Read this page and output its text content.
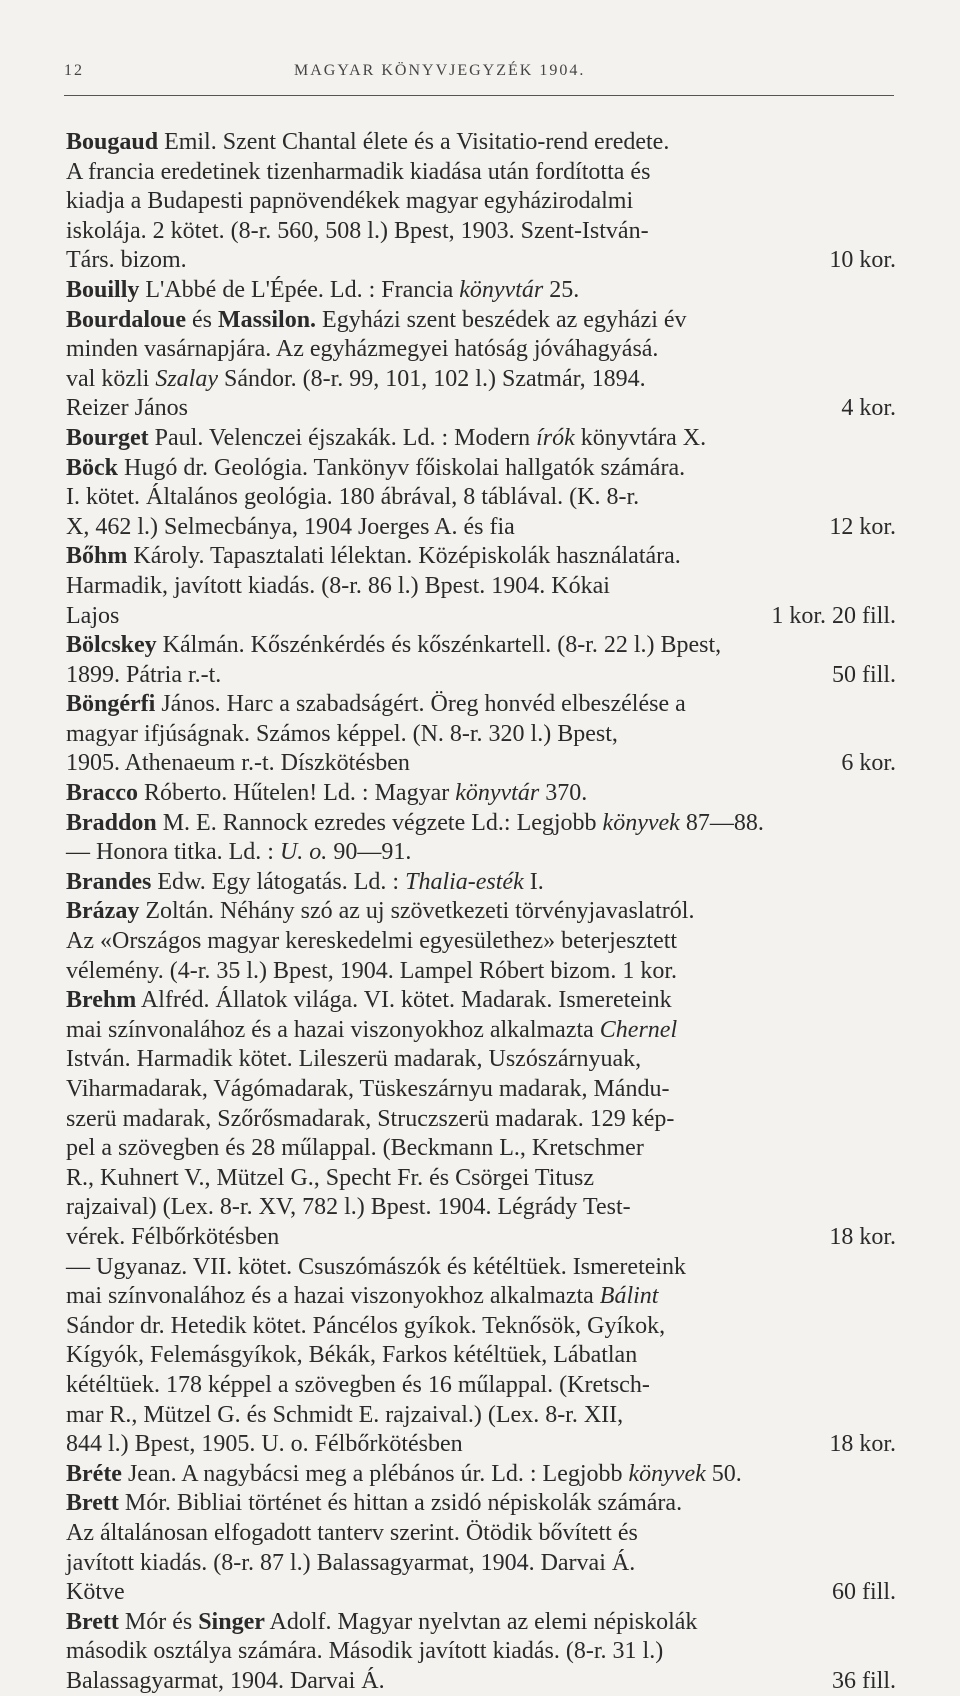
12	MAGYAR KÖNYVJEGYZÉK 1904.
Bougaud Emil. Szent Chantal élete és a Visitatio-rend eredete.
A francia eredetinek tizenharmadik kiadása után fordította és
kiadja a Budapesti papnövendékek magyar egyházirodalmi
iskolája. 2 kötet. (8-r. 560, 508 l.) Bpest, 1903. Szent-István-
Társ. bizom.	10 kor.
Bouilly L'Abbé de L'Épée. Ld. : Francia könyvtár 25.
Bourdaloue és Massilon. Egyházi szent beszédek az egyházi év
minden vasárnapjára. Az egyházmegyei hatóság jóváhagyásá.
val közli Szalay Sándor. (8-r. 99, 101, 102 l.) Szatmár, 1894.
Reizer János	4 kor.
Bourget Paul. Velenczei éjszakák. Ld. : Modern írók könyvtára X.
Böck Hugó dr. Geológia. Tankönyv főiskolai hallgatók számára.
I. kötet. Általános geológia. 180 ábrával, 8 táblával. (K. 8-r.
X, 462 l.) Selmecbánya, 1904 Joerges A. és fia	12 kor.
Bőhm Károly. Tapasztalati lélektan. Középiskolák használatára.
Harmadik, javított kiadás. (8-r. 86 l.) Bpest. 1904. Kókai
Lajos	1 kor. 20 fill.
Bölcskey Kálmán. Kőszénkérdés és kőszénkartell. (8-r. 22 l.) Bpest,
1899. Pátria r.-t.	50 fill.
Böngérfi János. Harc a szabadságért. Öreg honvéd elbeszélése a
magyar ifjúságnak. Számos képpel. (N. 8-r. 320 l.) Bpest,
1905. Athenaeum r.-t. Díszkötésben	6 kor.
Bracco Róberto. Hűtelen! Ld. : Magyar könyvtár 370.
Braddon M. E. Rannock ezredes végzete Ld.: Legjobb könyvek 87—88.
— Honora titka. Ld. : U. o. 90—91.
Brandes Edw. Egy látogatás. Ld. : Thalia-esték I.
Brázay Zoltán. Néhány szó az uj szövetkezeti törvényjavaslatról.
Az «Országos magyar kereskedelmi egyesülethez» beterjesztett
vélemény. (4-r. 35 l.) Bpest, 1904. Lampel Róbert bizom. 1 kor.
Brehm Alfréd. Állatok világa. VI. kötet. Madarak. Ismereteink
mai színvonalához és a hazai viszonyokhoz alkalmazta Chernel
István. Harmadik kötet. Lileszerü madarak, Uszószárnyuak,
Viharmadarak, Vágómadarak, Tüskeszárnyu madarak, Mándu-
szerü madarak, Szőrősmadarak, Struczszerü madarak. 129 kép-
pel a szövegben és 28 műlappal. (Beckmann L., Kretschmer
R., Kuhnert V., Mützel G., Specht Fr. és Csörgei Titusz
rajzaival) (Lex. 8-r. XV, 782 l.) Bpest. 1904. Légrády Test-
vérek. Félbőrkötésben	18 kor.
— Ugyanaz. VII. kötet. Csuszómászók és kétéltüek. Ismereteink
mai színvonalához és a hazai viszonyokhoz alkalmazta Bálint
Sándor dr. Hetedik kötet. Páncélos gyíkok. Teknősök, Gyíkok,
Kígyók, Felemásgyíkok, Békák, Farkos kétéltüek, Lábatlan
kétéltüek. 178 képpel a szövegben és 16 műlappal. (Kretsch-
mar R., Mützel G. és Schmidt E. rajzaival.) (Lex. 8-r. XII,
844 l.) Bpest, 1905. U. o. Félbőrkötésben	18 kor.
Bréte Jean. A nagybácsi meg a plébános úr. Ld. : Legjobb könyvek 50.
Brett Mór. Bibliai történet és hittan a zsidó népiskolák számára.
Az általánosan elfogadott tanterv szerint. Ötödik bővített és
javított kiadás. (8-r. 87 l.) Balassagyarmat, 1904. Darvai Á.
Kötve	60 fill.
Brett Mór és Singer Adolf. Magyar nyelvtan az elemi népiskolák
második osztálya számára. Második javított kiadás. (8-r. 31 l.)
Balassagyarmat, 1904. Darvai Á.	36 fill.
